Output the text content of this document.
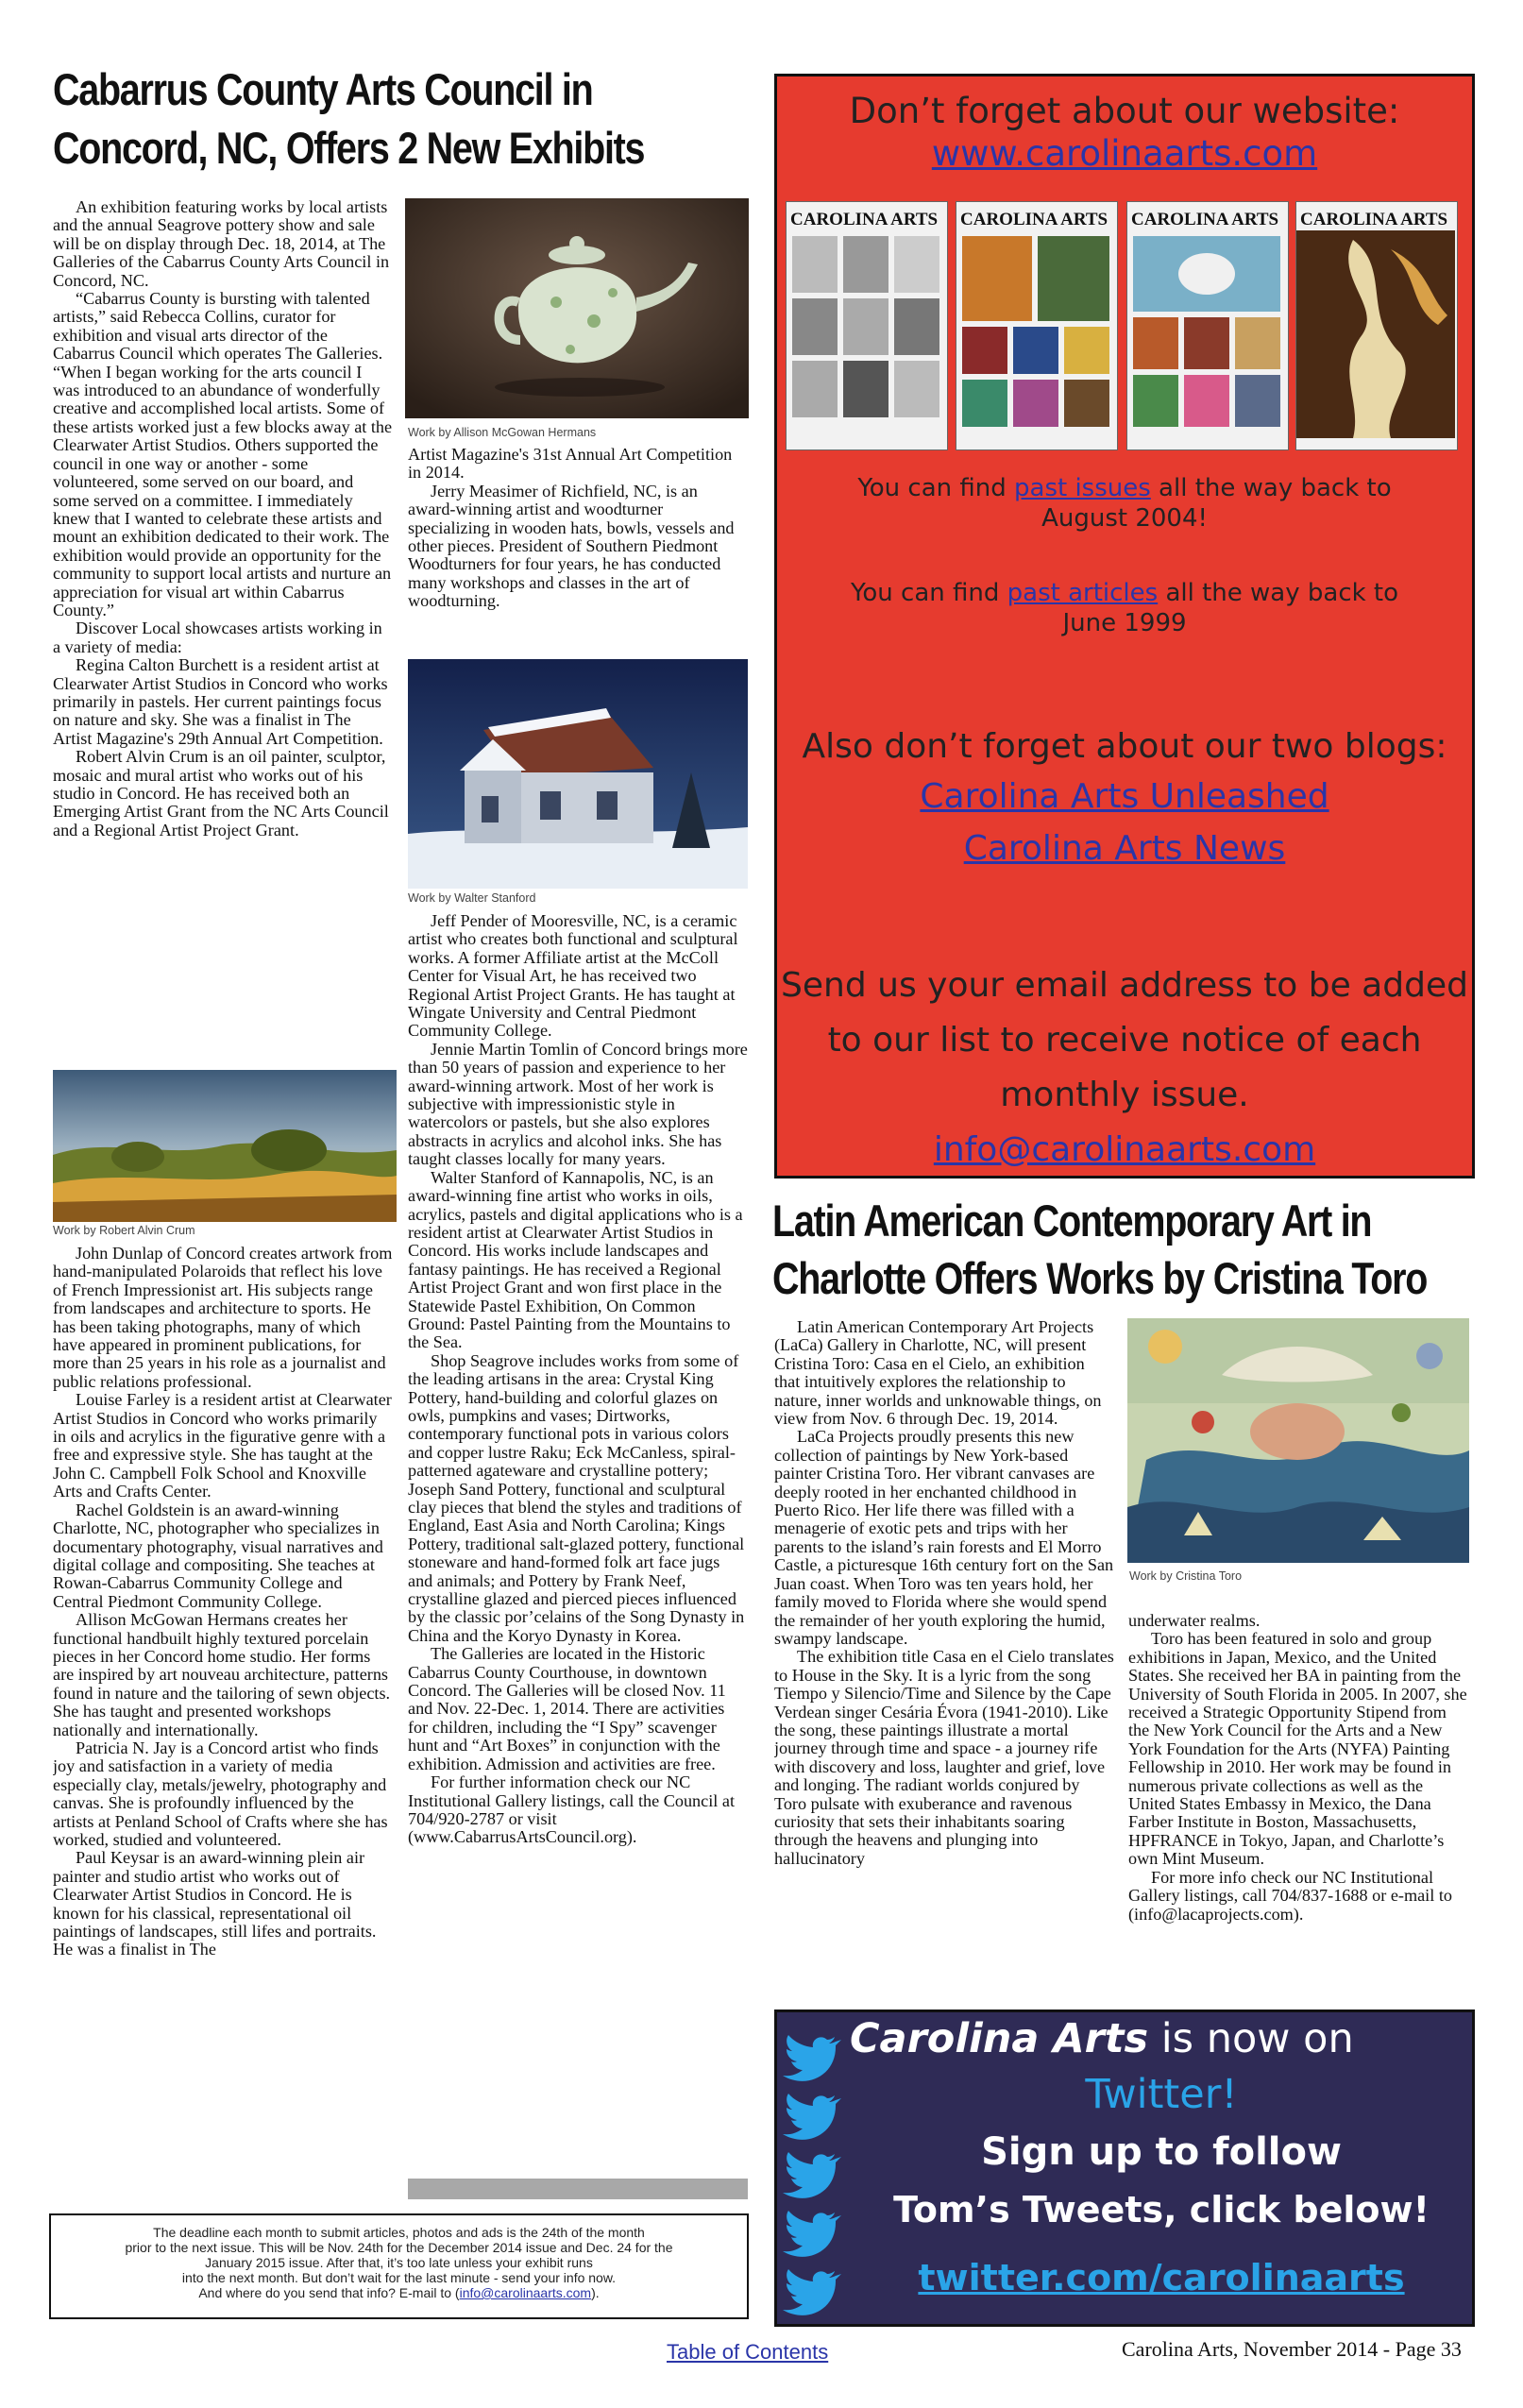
Cabarrus County Arts Council in
Concord, NC, Offers 2 New Exhibits

An exhibition featuring works by local artists and the annual Seagrove pottery show and sale will be on display through Dec. 18, 2014, at The Galleries of the Cabarrus County Arts Council in Concord, NC.

“Cabarrus County is bursting with talented artists,” said Rebecca Collins, curator for exhibition and visual arts director of the Cabarrus Council which operates The Galleries. “When I began working for the arts council I was introduced to an abundance of wonderfully creative and accomplished local artists. Some of these artists worked just a few blocks away at the Clearwater Artist Studios. Others supported the council in one way or another - some volunteered, some served on our board, and some served on a committee. I immediately knew that I wanted to celebrate these artists and mount an exhibition dedicated to their work. The exhibition would provide an opportunity for the community to support local artists and nurture an appreciation for visual art within Cabarrus County.”

Discover Local showcases artists working in a variety of media:

Regina Calton Burchett is a resident artist at Clearwater Artist Studios in Concord who works primarily in pastels. Her current paintings focus on nature and sky. She was a finalist in The Artist Magazine's 29th Annual Art Competition.

Robert Alvin Crum is an oil painter, sculptor, mosaic and mural artist who works out of his studio in Concord. He has received both an Emerging Artist Grant from the NC Arts Council and a Regional Artist Project Grant.

Work by Robert Alvin Crum

John Dunlap of Concord creates artwork from hand-manipulated Polaroids that reflect his love of French Impressionist art. His subjects range from landscapes and architecture to sports. He has been taking photographs, many of which have appeared in prominent publications, for more than 25 years in his role as a journalist and public relations professional.

Louise Farley is a resident artist at Clearwater Artist Studios in Concord who works primarily in oils and acrylics in the figurative genre with a free and expressive style. She has taught at the John C. Campbell Folk School and Knoxville Arts and Crafts Center.

Rachel Goldstein is an award-winning Charlotte, NC, photographer who specializes in documentary photography, visual narratives and digital collage and compositing. She teaches at Rowan-Cabarrus Community College and Central Piedmont Community College.

Allison McGowan Hermans creates her functional handbuilt highly textured porcelain pieces in her Concord home studio. Her forms are inspired by art nouveau architecture, patterns found in nature and the tailoring of sewn objects. She has taught and presented workshops nationally and internationally.

Patricia N. Jay is a Concord artist who finds joy and satisfaction in a variety of media especially clay, metals/jewelry, photography and canvas. She is profoundly influenced by the artists at Penland School of Crafts where she has worked, studied and volunteered.

Paul Keysar is an award-winning plein air painter and studio artist who works out of Clearwater Artist Studios in Concord. He is known for his classical, representational oil paintings of landscapes, still lifes and portraits. He was a finalist in The

Work by Allison McGowan Hermans

Artist Magazine's 31st Annual Art Competition in 2014.

Jerry Measimer of Richfield, NC, is an award-winning artist and woodturner specializing in wooden hats, bowls, vessels and other pieces. President of Southern Piedmont Woodturners for four years, he has conducted many workshops and classes in the art of woodturning.

Work by Walter Stanford

Jeff Pender of Mooresville, NC, is a ceramic artist who creates both functional and sculptural works. A former Affiliate artist at the McColl Center for Visual Art, he has received two Regional Artist Project Grants. He has taught at Wingate University and Central Piedmont Community College.

Jennie Martin Tomlin of Concord brings more than 50 years of passion and experience to her award-winning artwork. Most of her work is subjective with impressionistic style in watercolors or pastels, but she also explores abstracts in acrylics and alcohol inks. She has taught classes locally for many years.

Walter Stanford of Kannapolis, NC, is an award-winning fine artist who works in oils, acrylics, pastels and digital applications who is a resident artist at Clearwater Artist Studios in Concord. His works include landscapes and fantasy paintings. He has received a Regional Artist Project Grant and won first place in the Statewide Pastel Exhibition, On Common Ground: Pastel Painting from the Mountains to the Sea.

Shop Seagrove includes works from some of the leading artisans in the area: Crystal King Pottery, hand-building and colorful glazes on owls, pumpkins and vases; Dirtworks, contemporary functional pots in various colors and copper lustre Raku; Eck McCanless, spiral-patterned agateware and crystalline pottery; Joseph Sand Pottery, functional and sculptural clay pieces that blend the styles and traditions of England, East Asia and North Carolina; Kings Pottery, traditional salt-glazed pottery, functional stoneware and hand-formed folk art face jugs and animals; and Pottery by Frank Neef, crystalline glazed and pierced pieces influenced by the classic por’celains of the Song Dynasty in China and the Koryo Dynasty in Korea.

The Galleries are located in the Historic Cabarrus County Courthouse, in downtown Concord. The Galleries will be closed Nov. 11 and Nov. 22-Dec. 1, 2014. There are activities for children, including the “I Spy” scavenger hunt and “Art Boxes” in conjunction with the exhibition. Admission and activities are free.

For further information check our NC Institutional Gallery listings, call the Council at 704/920-2787 or visit (www.CabarrusArtsCouncil.org).

Don’t forget about our website:
www.carolinaarts.com
CAROLINA ARTS	CAROLINA ARTS	CAROLINA ARTS	CAROLINA ARTS
You can find past issues all the way back to
August 2004!
You can find past articles all the way back to
June 1999
Also don’t forget about our two blogs:
Carolina Arts Unleashed
Carolina Arts News
Send us your email address to be added
to our list to receive notice of each
monthly issue.
info@carolinaarts.com
Latin American Contemporary Art in
Charlotte Offers Works by Cristina Toro

Latin American Contemporary Art Projects (LaCa) Gallery in Charlotte, NC, will present Cristina Toro: Casa en el Cielo, an exhibition that intuitively explores the relationship to nature, inner worlds and unknowable things, on view from Nov. 6 through Dec. 19, 2014.

LaCa Projects proudly presents this new collection of paintings by New York-based painter Cristina Toro. Her vibrant canvases are deeply rooted in her enchanted childhood in Puerto Rico. Her life there was filled with a menagerie of exotic pets and trips with her parents to the island’s rain forests and El Morro Castle, a picturesque 16th century fort on the San Juan coast. When Toro was ten years hold, her family moved to Florida where she would spend the remainder of her youth exploring the humid, swampy landscape.

The exhibition title Casa en el Cielo translates to House in the Sky. It is a lyric from the song Tiempo y Silencio/Time and Silence by the Cape Verdean singer Cesária Évora (1941-2010). Like the song, these paintings illustrate a mortal journey through time and space - a journey rife with discovery and loss, laughter and grief, love and longing. The radiant worlds conjured by Toro pulsate with exuberance and ravenous curiosity that sets their inhabitants soaring through the heavens and plunging into hallucinatory

Work by Cristina Toro

underwater realms.

Toro has been featured in solo and group exhibitions in Japan, Mexico, and the United States. She received her BA in painting from the University of South Florida in 2005. In 2007, she received a Strategic Opportunity Stipend from the New York Council for the Arts and a New York Foundation for the Arts (NYFA) Painting Fellowship in 2010. Her work may be found in numerous private collections as well as the United States Embassy in Mexico, the Dana Farber Institute in Boston, Massachusetts, HPFRANCE in Tokyo, Japan, and Charlotte’s own Mint Museum.

For more info check our NC Institutional Gallery listings, call 704/837-1688 or e-mail to (info@lacaprojects.com).

Carolina Arts is now on
Twitter!
Sign up to follow
Tom’s Tweets, click below!
twitter.com/carolinaarts
The deadline each month to submit articles, photos and ads is the 24th of the month
prior to the next issue. This will be Nov. 24th for the December 2014 issue and Dec. 24 for the
January 2015 issue. After that, it’s too late unless your exhibit runs
into the next month. But don’t wait for the last minute - send your info now.
And where do you send that info? E-mail to (info@carolinaarts.com).
Table of Contents	Carolina Arts, November 2014 - Page 33
